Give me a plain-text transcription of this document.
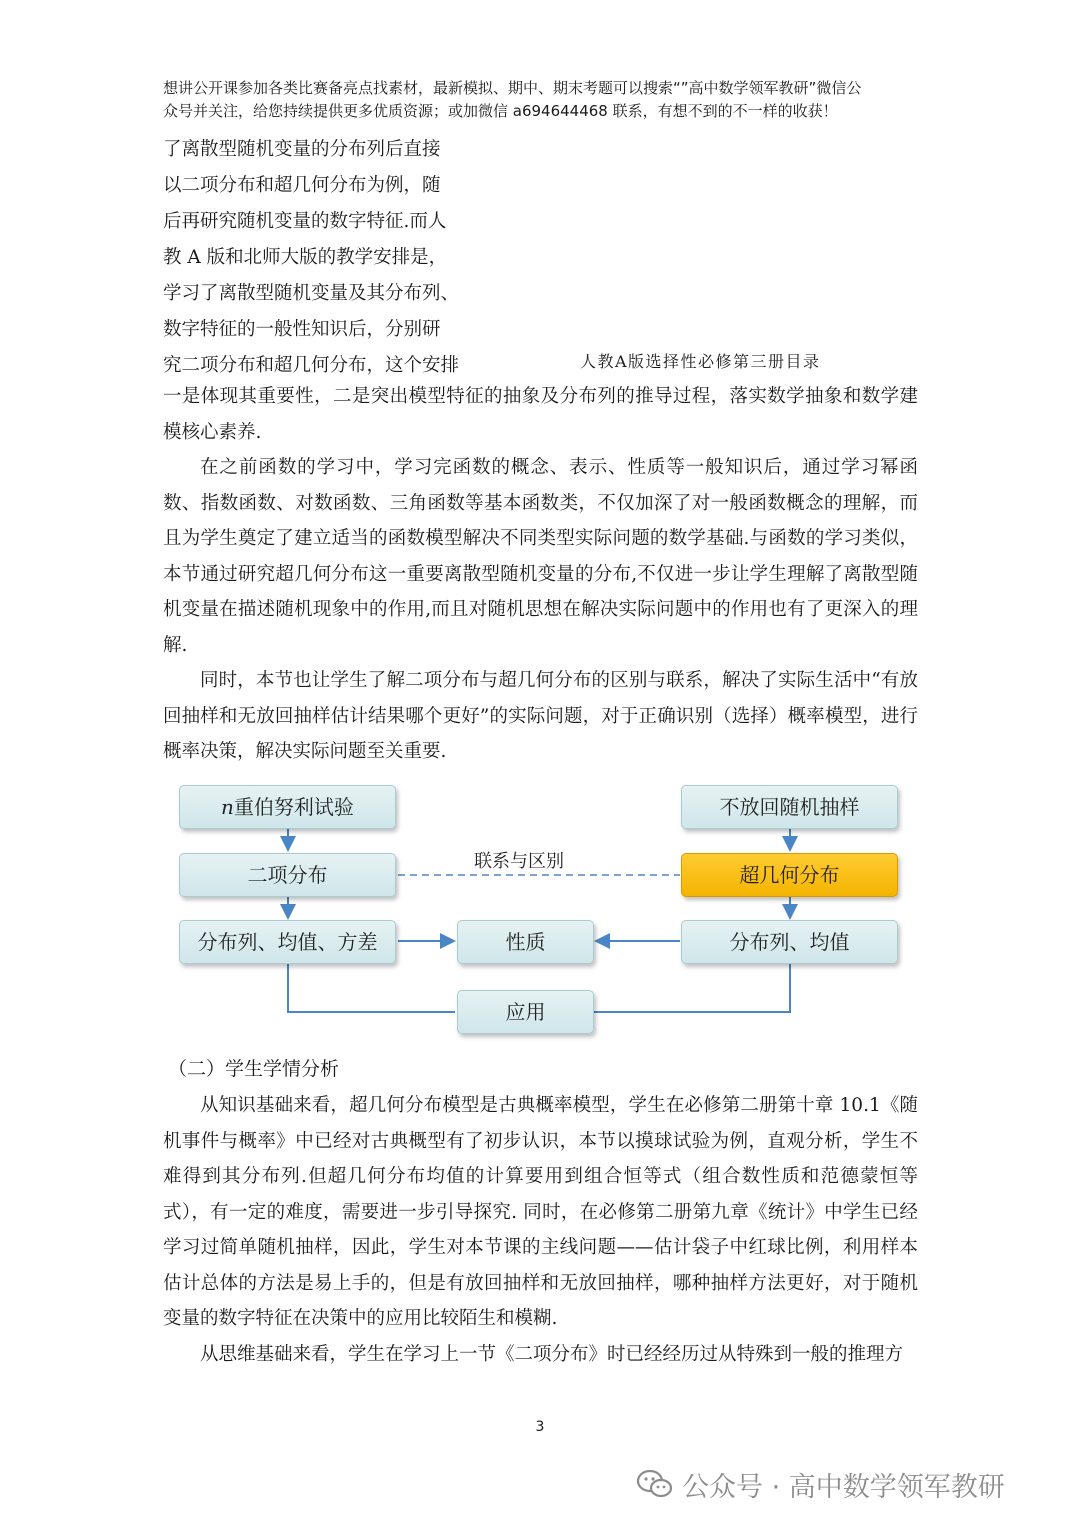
想讲公开课参加各类比赛备亮点找素材，最新模拟、期中、期末考题可以搜索“”高中数学领军教研”微信公
众号并关注，给您持续提供更多优质资源；或加微信 a694644468 联系，有想不到的不一样的收获！
了离散型随机变量的分布列后直接
以二项分布和超几何分布为例，随
后再研究随机变量的数字特征.而人
教 A 版和北师大版的教学安排是，
学习了离散型随机变量及其分布列、
数字特征的一般性知识后，分别研
究二项分布和超几何分布，这个安排	人教A版选择性必修第三册目录

一是体现其重要性，二是突出模型特征的抽象及分布列的推导过程，落实数学抽象和数学建模核心素养.

在之前函数的学习中，学习完函数的概念、表示、性质等一般知识后，通过学习幂函数、指数函数、对数函数、三角函数等基本函数类，不仅加深了对一般函数概念的理解，而且为学生奠定了建立适当的函数模型解决不同类型实际问题的数学基础.与函数的学习类似，本节通过研究超几何分布这一重要离散型随机变量的分布,不仅进一步让学生理解了离散型随机变量在描述随机现象中的作用,而且对随机思想在解决实际问题中的作用也有了更深入的理解.

同时，本节也让学生了解二项分布与超几何分布的区别与联系，解决了实际生活中“有放回抽样和无放回抽样估计结果哪个更好”的实际问题，对于正确识别（选择）概率模型，进行概率决策，解决实际问题至关重要.

n重伯努利试验	不放回随机抽样
二项分布	超几何分布
联系与区别
分布列、均值、方差	性质	分布列、均值
应用
（二）学生学情分析

从知识基础来看，超几何分布模型是古典概率模型，学生在必修第二册第十章 10.1《随机事件与概率》中已经对古典概型有了初步认识，本节以摸球试验为例，直观分析，学生不难得到其分布列.但超几何分布均值的计算要用到组合恒等式（组合数性质和范德蒙恒等式），有一定的难度，需要进一步引导探究. 同时，在必修第二册第九章《统计》中学生已经学习过简单随机抽样，因此，学生对本节课的主线问题——估计袋子中红球比例，利用样本估计总体的方法是易上手的，但是有放回抽样和无放回抽样，哪种抽样方法更好，对于随机变量的数字特征在决策中的应用比较陌生和模糊.

从思维基础来看，学生在学习上一节《二项分布》时已经经历过从特殊到一般的推理方

3
公众号 · 高中数学领军教研
